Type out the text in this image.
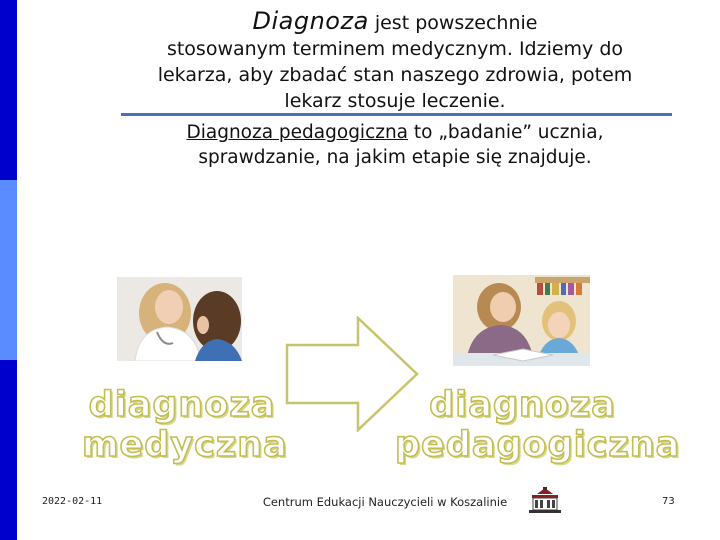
Diagnoza jest powszechnie
stosowanym terminem medycznym. Idziemy do
lekarza, aby zbadać stan naszego zdrowia, potem
lekarz stosuje leczenie.
Diagnoza pedagogiczna to „badanie” ucznia,
sprawdzanie, na jakim etapie się znajduje.
diagnoza
medyczna
diagnoza
pedagogiczna
2022-02-11	Centrum Edukacji Nauczycieli w Koszalinie	73
